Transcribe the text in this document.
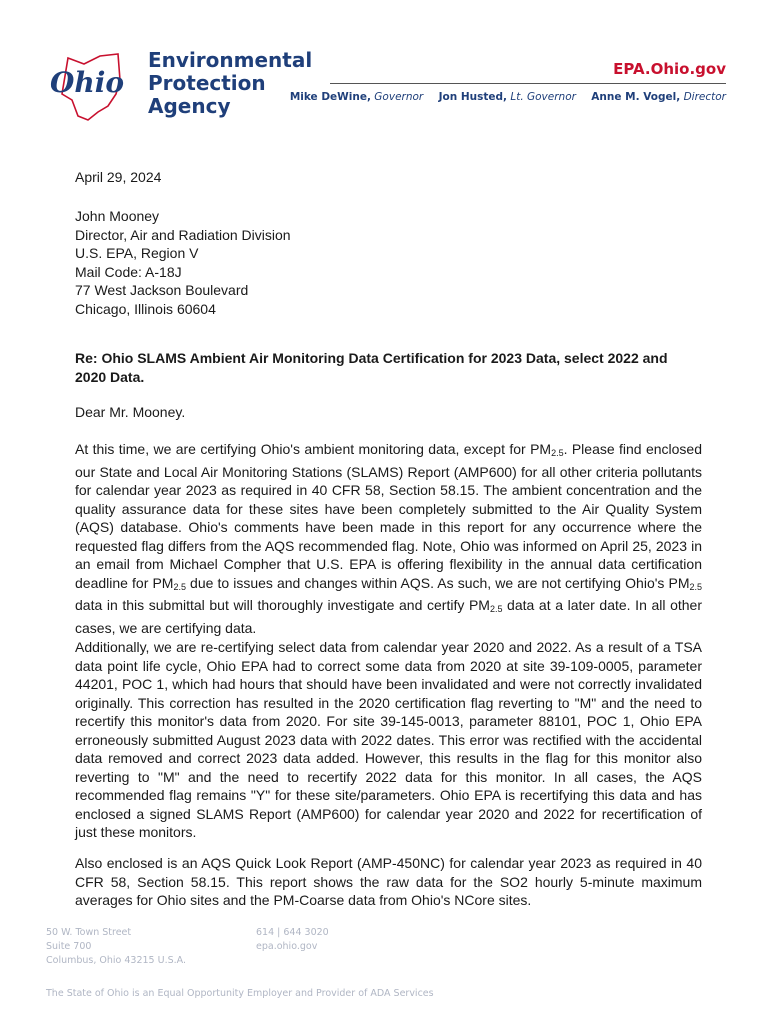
Ohio
Environmental
Protection
Agency
EPA.Ohio.gov
Mike DeWine, Governor Jon Husted, Lt. Governor Anne M. Vogel, Director
April 29, 2024
John Mooney
Director, Air and Radiation Division
U.S. EPA, Region V
Mail Code: A-18J
77 West Jackson Boulevard
Chicago, Illinois 60604
Re: Ohio SLAMS Ambient Air Monitoring Data Certification for 2023 Data, select 2022 and 2020 Data.
Dear Mr. Mooney.
At this time, we are certifying Ohio's ambient monitoring data, except for $PM_{2.5}$. Please find enclosed our State and Local Air Monitoring Stations (SLAMS) Report (AMP600) for all other criteria pollutants for calendar year 2023 as required in 40 CFR 58, Section 58.15. The ambient concentration and the quality assurance data for these sites have been completely submitted to the Air Quality System (AQS) database. Ohio's comments have been made in this report for any occurrence where the requested flag differs from the AQS recommended flag. Note, Ohio was informed on April 25, 2023 in an email from Michael Compher that U.S. EPA is offering flexibility in the annual data certification deadline for $PM_{2.5}$ due to issues and changes within AQS. As such, we are not certifying Ohio's $PM_{2.5}$ data in this submittal but will thoroughly investigate and certify $PM_{2.5}$ data at a later date. In all other cases, we are certifying data.
Additionally, we are re-certifying select data from calendar year 2020 and 2022. As a result of a TSA data point life cycle, Ohio EPA had to correct some data from 2020 at site 39-109-0005, parameter 44201, POC 1, which had hours that should have been invalidated and were not correctly invalidated originally. This correction has resulted in the 2020 certification flag reverting to "M" and the need to recertify this monitor's data from 2020. For site 39-145-0013, parameter 88101, POC 1, Ohio EPA erroneously submitted August 2023 data with 2022 dates. This error was rectified with the accidental data removed and correct 2023 data added. However, this results in the flag for this monitor also reverting to "M" and the need to recertify 2022 data for this monitor. In all cases, the AQS recommended flag remains "Y" for these site/parameters. Ohio EPA is recertifying this data and has enclosed a signed SLAMS Report (AMP600) for calendar year 2020 and 2022 for recertification of just these monitors.
Also enclosed is an AQS Quick Look Report (AMP-450NC) for calendar year 2023 as required in 40 CFR 58, Section 58.15. This report shows the raw data for the SO2 hourly 5-minute maximum averages for Ohio sites and the PM-Coarse data from Ohio's NCore sites.
50 W. Town Street
Suite 700
Columbus, Ohio 43215 U.S.A.
614 | 644 3020
epa.ohio.gov
The State of Ohio is an Equal Opportunity Employer and Provider of ADA Services
